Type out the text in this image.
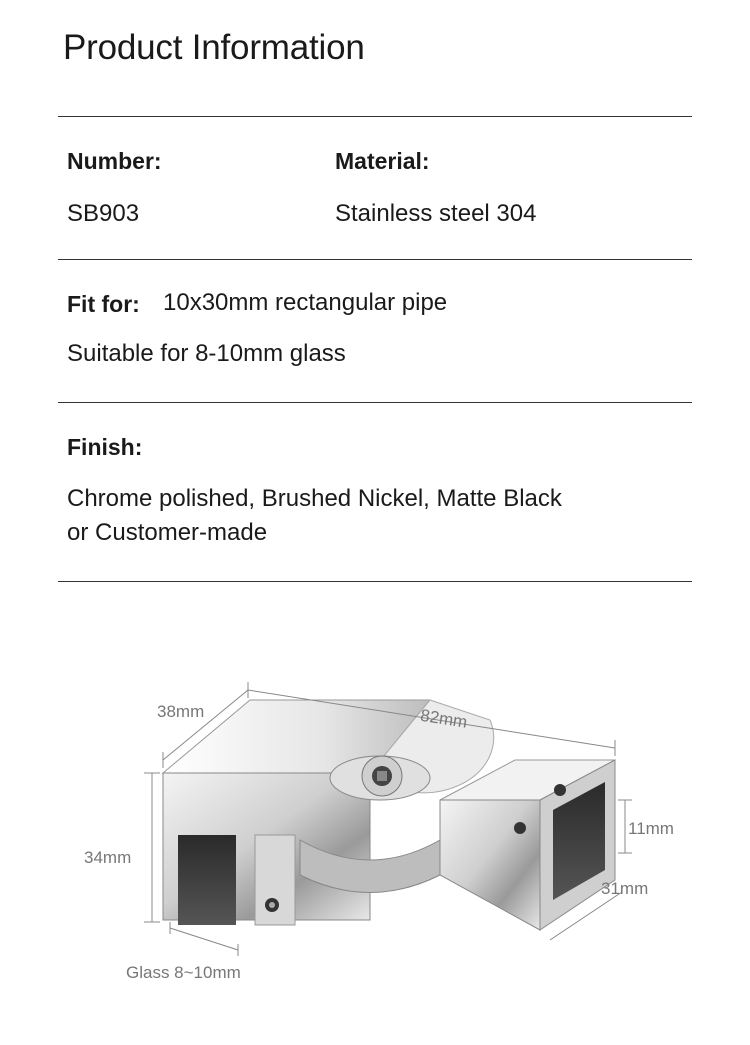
Product Information
Number:	Material:
SB903	Stainless steel 304
Fit for: 10x30mm rectangular pipe
Suitable for 8-10mm glass
Finish:
Chrome polished, Brushed Nickel, Matte Black
or Customer-made
38mm	82mm
34mm
11mm
31mm
Glass 8~10mm
